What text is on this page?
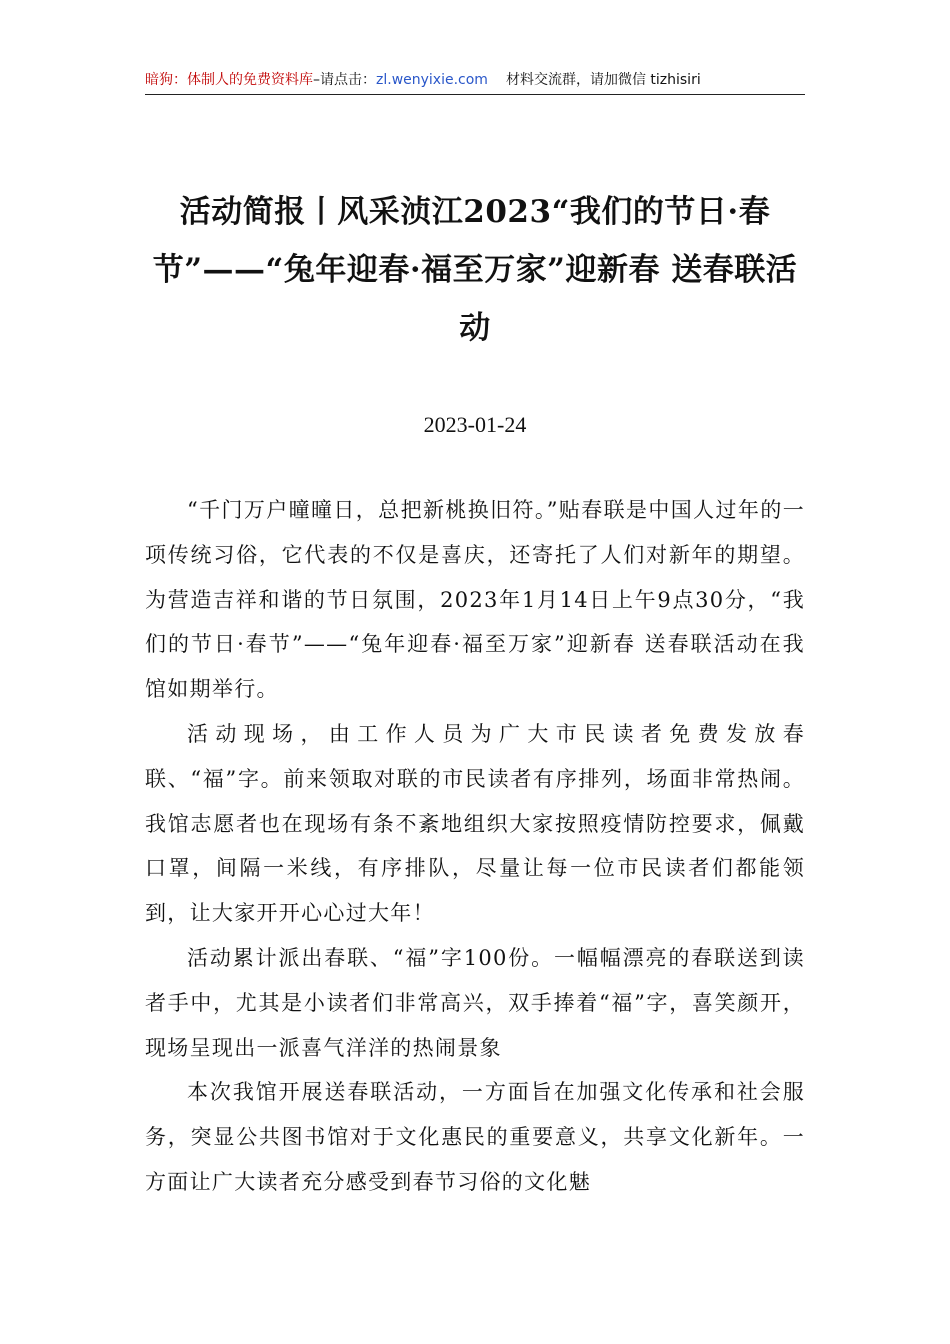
暗狗：体制人的免费资料库–请点击：zl.wenyixie.com 材料交流群，请加微信 tizhisiri
活动简报丨风采浈江2023“我们的节日·春节”——“兔年迎春·福至万家”迎新春 送春联活动
2023-01-24

“千门万户曈曈日，总把新桃换旧符。”贴春联是中国人过年的一项传统习俗，它代表的不仅是喜庆，还寄托了人们对新年的期望。为营造吉祥和谐的节日氛围，2023年1月14日上午9点30分，“我们的节日·春节”——“兔年迎春·福至万家”迎新春 送春联活动在我馆如期举行。

活动现场，由工作人员为广大市民读者免费发放春联、“福”字。前来领取对联的市民读者有序排列，场面非常热闹。我馆志愿者也在现场有条不紊地组织大家按照疫情防控要求，佩戴口罩，间隔一米线，有序排队，尽量让每一位市民读者们都能领到，让大家开开心心过大年！

活动累计派出春联、“福”字100份。一幅幅漂亮的春联送到读者手中，尤其是小读者们非常高兴，双手捧着“福”字，喜笑颜开，现场呈现出一派喜气洋洋的热闹景象

本次我馆开展送春联活动，一方面旨在加强文化传承和社会服务，突显公共图书馆对于文化惠民的重要意义，共享文化新年。一方面让广大读者充分感受到春节习俗的文化魅
